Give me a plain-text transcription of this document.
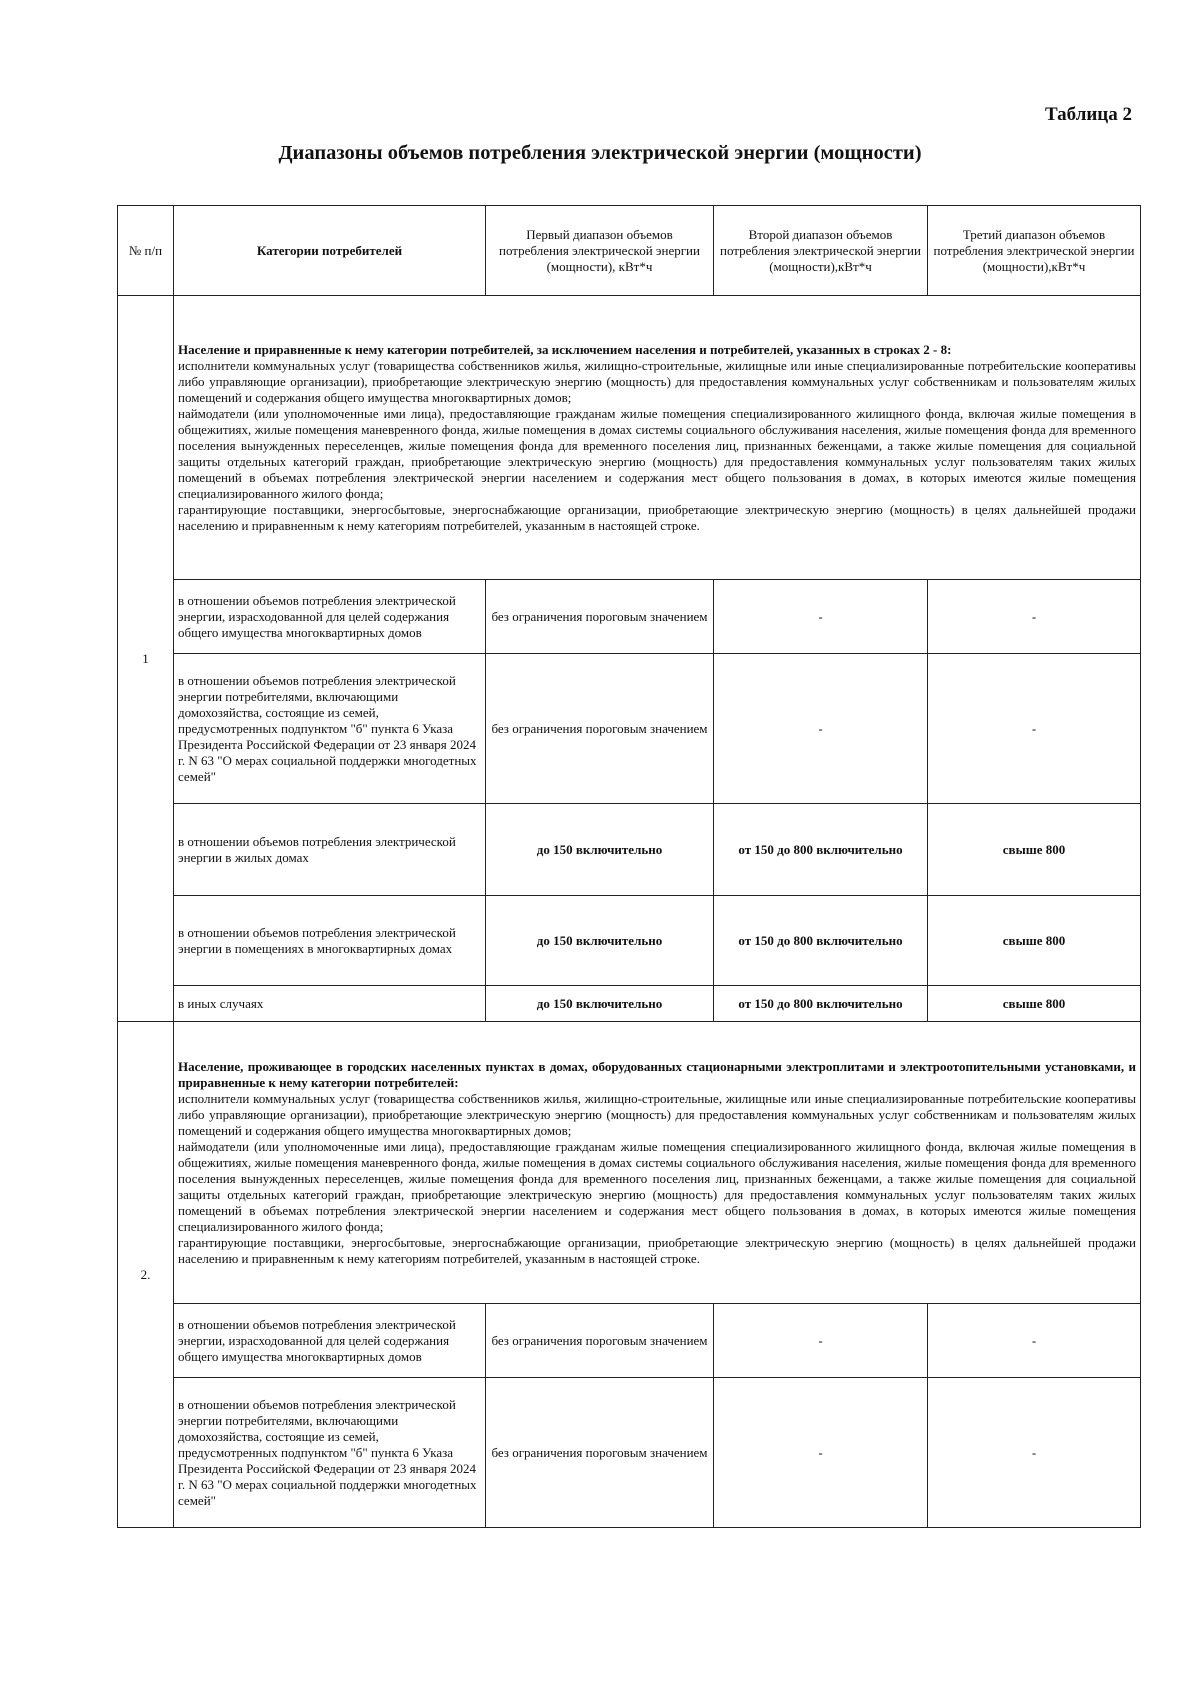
Таблица 2
Диапазоны объемов потребления электрической энергии (мощности)
№ п/п	Категории потребителей	Первый диапазон объемов потребления электрической энергии (мощности), кВт*ч	Второй диапазон объемов потребления электрической энергии (мощности),кВт*ч	Третий диапазон объемов потребления электрической энергии (мощности),кВт*ч
1	Население и приравненные к нему категории потребителей, за исключением населения и потребителей, указанных в строках 2 - 8:

исполнители коммунальных услуг (товарищества собственников жилья, жилищно-строительные, жилищные или иные специализированные потребительские кооперативы либо управляющие организации), приобретающие электрическую энергию (мощность) для предоставления коммунальных услуг собственникам и пользователям жилых помещений и содержания общего имущества многоквартирных домов;

наймодатели (или уполномоченные ими лица), предоставляющие гражданам жилые помещения специализированного жилищного фонда, включая жилые помещения в общежитиях, жилые помещения маневренного фонда, жилые помещения в домах системы социального обслуживания населения, жилые помещения фонда для временного поселения вынужденных переселенцев, жилые помещения фонда для временного поселения лиц, признанных беженцами, а также жилые помещения для социальной защиты отдельных категорий граждан, приобретающие электрическую энергию (мощность) для предоставления коммунальных услуг пользователям таких жилых помещений в объемах потребления электрической энергии населением и содержания мест общего пользования в домах, в которых имеются жилые помещения специализированного жилого фонда;

гарантирующие поставщики, энергосбытовые, энергоснабжающие организации, приобретающие электрическую энергию (мощность) в целях дальнейшей продажи населению и приравненным к нему категориям потребителей, указанным в настоящей строке.			

	в отношении объемов потребления электрической энергии, израсходованной для целей содержания общего имущества многоквартирных домов	без ограничения пороговым значением	-	-
	в отношении объемов потребления электрической энергии потребителями, включающими домохозяйства, состоящие из семей, предусмотренных подпунктом "б" пункта 6 Указа Президента Российской Федерации от 23 января 2024 г. N 63 "О мерах социальной поддержки многодетных семей"	без ограничения пороговым значением	-	-
	в отношении объемов потребления электрической энергии в жилых домах	до 150 включительно	от 150 до 800 включительно	свыше 800
	в отношении объемов потребления электрической энергии в помещениях в многоквартирных домах	до 150 включительно	от 150 до 800 включительно	свыше 800
	в иных случаях	до 150 включительно	от 150 до 800 включительно	свыше 800
2.	Население, проживающее в городских населенных пунктах в домах, оборудованных стационарными электроплитами и электроотопительными установками, и приравненные к нему категории потребителей:

исполнители коммунальных услуг (товарищества собственников жилья, жилищно-строительные, жилищные или иные специализированные потребительские кооперативы либо управляющие организации), приобретающие электрическую энергию (мощность) для предоставления коммунальных услуг собственникам и пользователям жилых помещений и содержания общего имущества многоквартирных домов;

наймодатели (или уполномоченные ими лица), предоставляющие гражданам жилые помещения специализированного жилищного фонда, включая жилые помещения в общежитиях, жилые помещения маневренного фонда, жилые помещения в домах системы социального обслуживания населения, жилые помещения фонда для временного поселения вынужденных переселенцев, жилые помещения фонда для временного поселения лиц, признанных беженцами, а также жилые помещения для социальной защиты отдельных категорий граждан, приобретающие электрическую энергию (мощность) для предоставления коммунальных услуг пользователям таких жилых помещений в объемах потребления электрической энергии населением и содержания мест общего пользования в домах, в которых имеются жилые помещения специализированного жилого фонда;

гарантирующие поставщики, энергосбытовые, энергоснабжающие организации, приобретающие электрическую энергию (мощность) в целях дальнейшей продажи населению и приравненным к нему категориям потребителей, указанным в настоящей строке.			

	в отношении объемов потребления электрической энергии, израсходованной для целей содержания общего имущества многоквартирных домов	без ограничения пороговым значением	-	-
	в отношении объемов потребления электрической энергии потребителями, включающими домохозяйства, состоящие из семей, предусмотренных подпунктом "б" пункта 6 Указа Президента Российской Федерации от 23 января 2024 г. N 63 "О мерах социальной поддержки многодетных семей"	без ограничения пороговым значением	-	-
